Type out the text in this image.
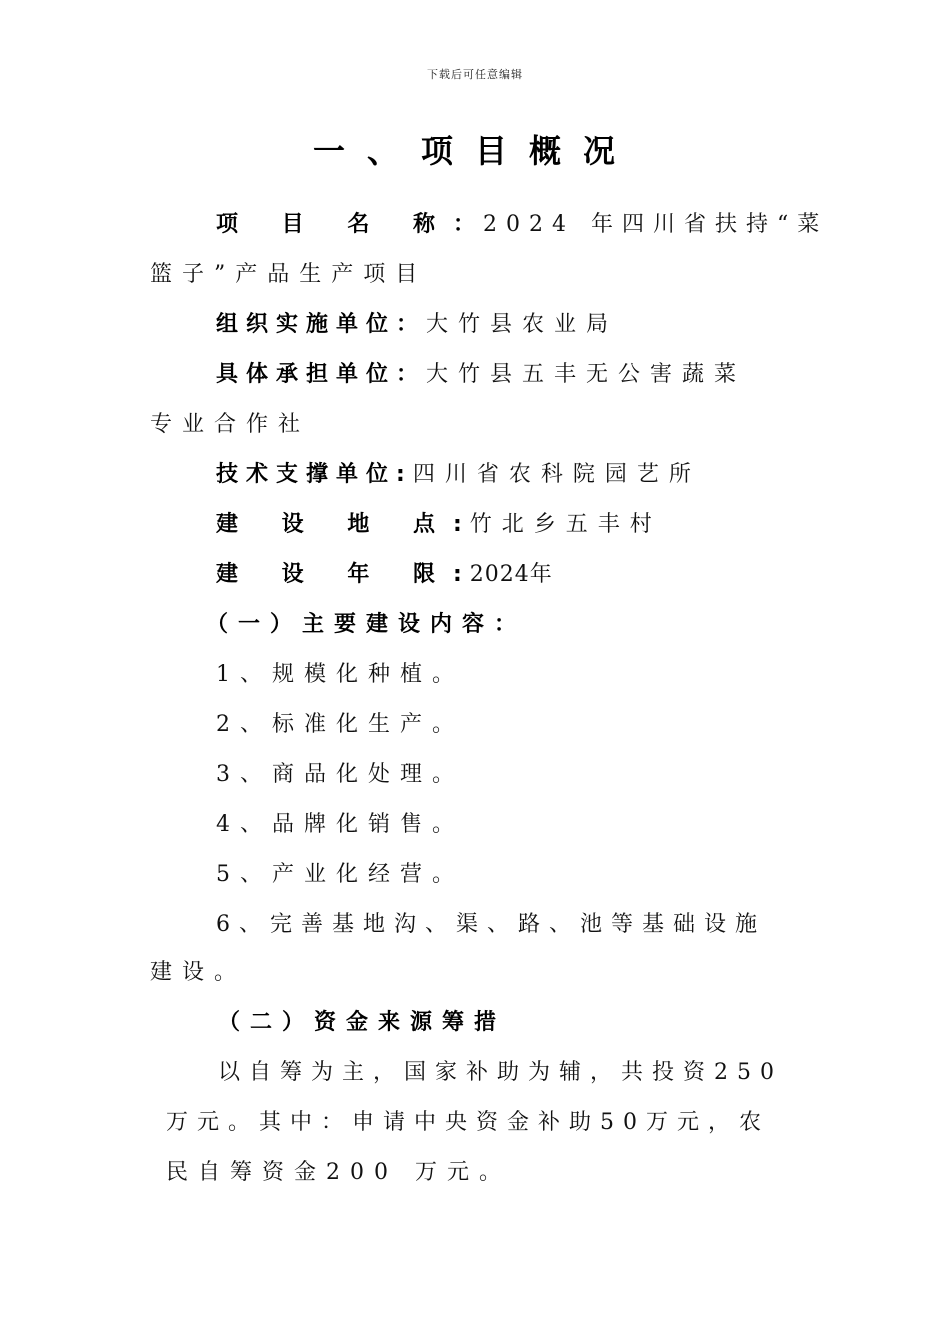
下载后可任意编辑
一、项目概况
项 目 名 称：2024 年四川省扶持“菜
篮子”产品生产项目
组织实施单位：大竹县农业局
具体承担单位：大竹县五丰无公害蔬菜
专业合作社
技术支撑单位:四川省农科院园艺所
建 设 地 点:竹北乡五丰村
建 设 年 限:2024年
（一）主要建设内容：
1、规模化种植。
2、标准化生产。
3、商品化处理。
4、品牌化销售。
5、产业化经营。
6、完善基地沟、渠、路、池等基础设施
建设。
（二）资金来源筹措
以自筹为主，国家补助为辅，共投资250
万元。其中：申请中央资金补助50万元，农
民自筹资金200 万元。
